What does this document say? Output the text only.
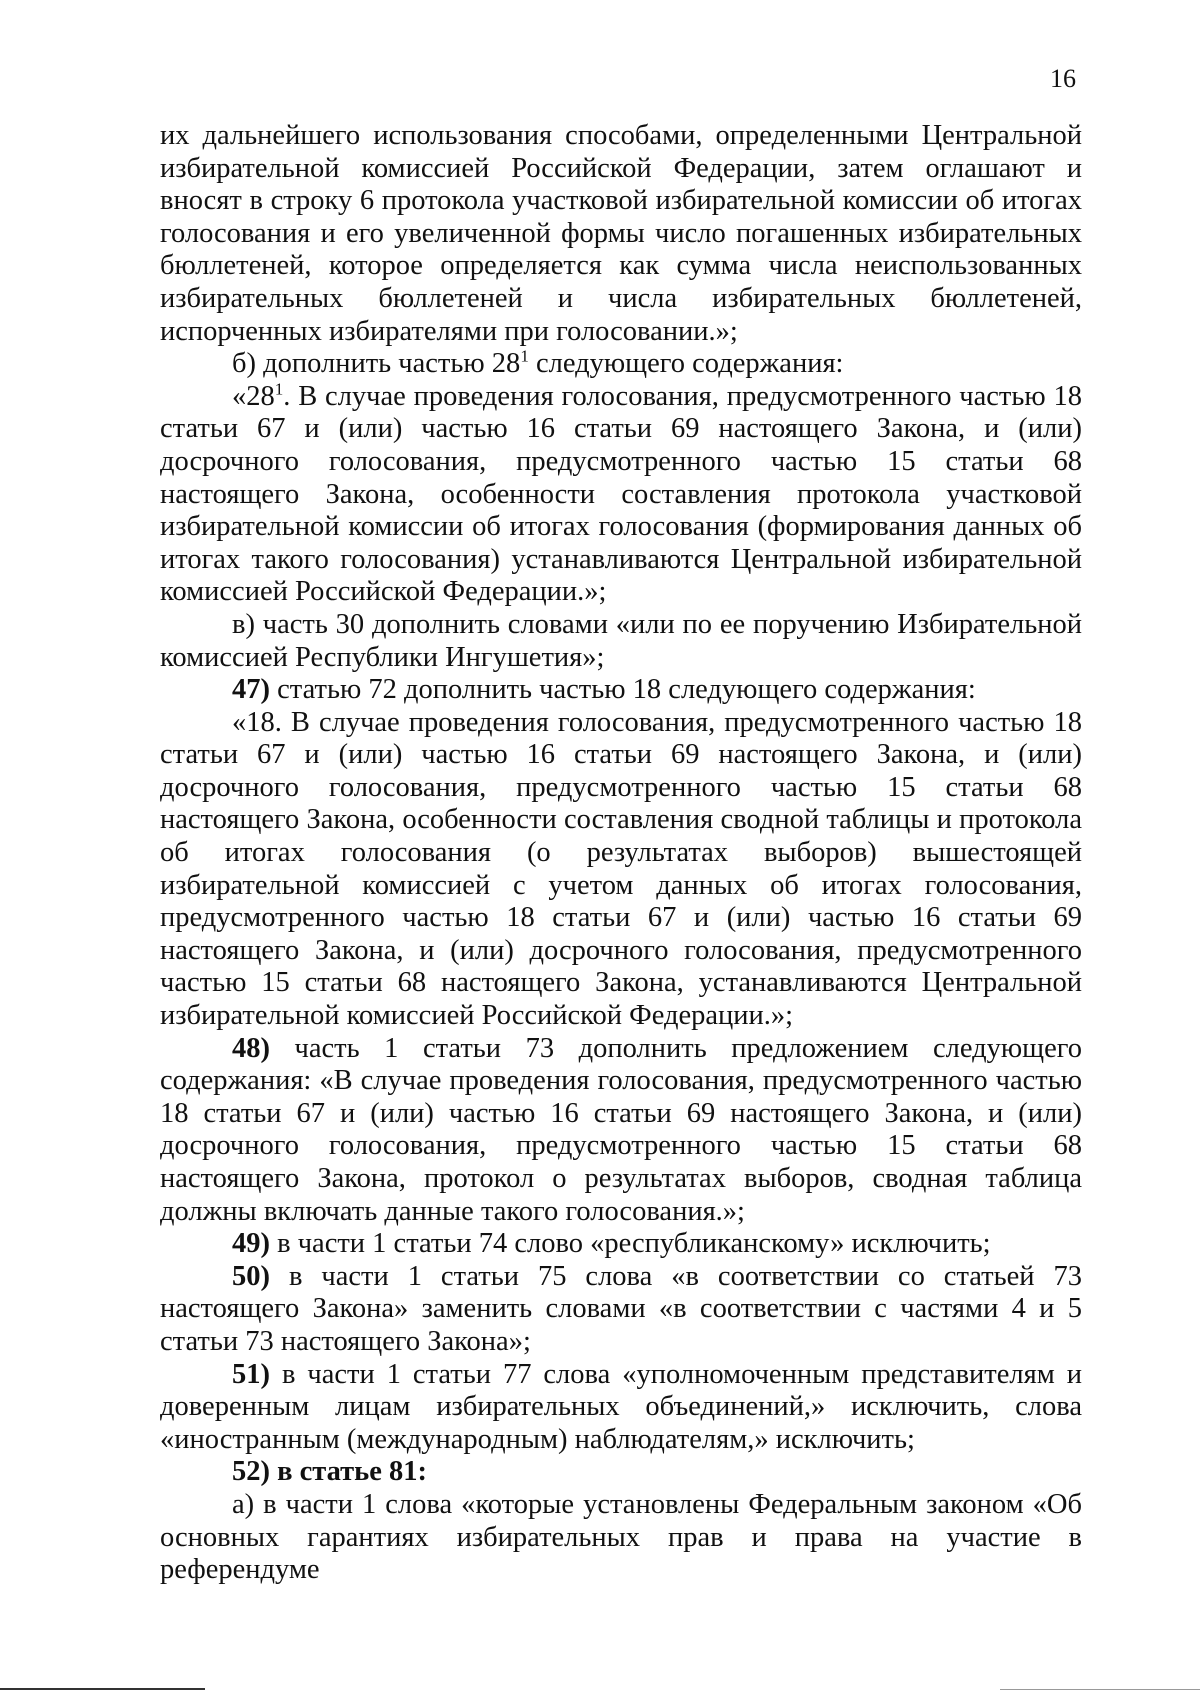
16

их дальнейшего использования способами, определенными Центральной избирательной комиссией Российской Федерации, затем оглашают и вносят в строку 6 протокола участковой избирательной комиссии об итогах голосования и его увеличенной формы число погашенных избирательных бюллетеней, которое определяется как сумма числа неиспользованных избирательных бюллетеней и числа избирательных бюллетеней, испорченных избирателями при голосовании.»;

б) дополнить частью $28^1$ следующего содержания:

«$28^1$. В случае проведения голосования, предусмотренного частью 18 статьи 67 и (или) частью 16 статьи 69 настоящего Закона, и (или) досрочного голосования, предусмотренного частью 15 статьи 68 настоящего Закона, особенности составления протокола участковой избирательной комиссии об итогах голосования (формирования данных об итогах такого голосования) устанавливаются Центральной избирательной комиссией Российской Федерации.»;

в) часть 30 дополнить словами «или по ее поручению Избирательной комиссией Республики Ингушетия»;

47) статью 72 дополнить частью 18 следующего содержания:

«18. В случае проведения голосования, предусмотренного частью 18 статьи 67 и (или) частью 16 статьи 69 настоящего Закона, и (или) досрочного голосования, предусмотренного частью 15 статьи 68 настоящего Закона, особенности составления сводной таблицы и протокола об итогах голосования (о результатах выборов) вышестоящей избирательной комиссией с учетом данных об итогах голосования, предусмотренного частью 18 статьи 67 и (или) частью 16 статьи 69 настоящего Закона, и (или) досрочного голосования, предусмотренного частью 15 статьи 68 настоящего Закона, устанавливаются Центральной избирательной комиссией Российской Федерации.»;

48) часть 1 статьи 73 дополнить предложением следующего содержания: «В случае проведения голосования, предусмотренного частью 18 статьи 67 и (или) частью 16 статьи 69 настоящего Закона, и (или) досрочного голосования, предусмотренного частью 15 статьи 68 настоящего Закона, протокол о результатах выборов, сводная таблица должны включать данные такого голосования.»;

49) в части 1 статьи 74 слово «республиканскому» исключить;

50) в части 1 статьи 75 слова «в соответствии со статьей 73 настоящего Закона» заменить словами «в соответствии с частями 4 и 5 статьи 73 настоящего Закона»;

51) в части 1 статьи 77 слова «уполномоченным представителям и доверенным лицам избирательных объединений,» исключить, слова «иностранным (международным) наблюдателям,» исключить;

52) в статье 81:

а) в части 1 слова «которые установлены Федеральным законом «Об основных гарантиях избирательных прав и права на участие в референдуме
